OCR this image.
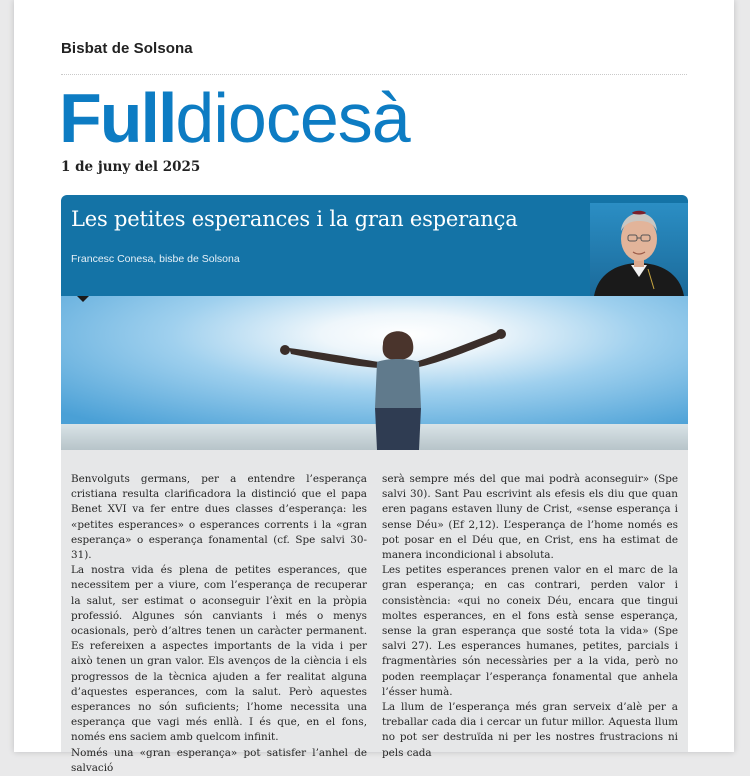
Bisbat de Solsona
Fulldiocesà
1 de juny del 2025
Les petites esperances i la gran esperança
Francesc Conesa, bisbe de Solsona

Benvolguts germans, per a entendre l’esperança cristiana resulta clarificadora la distinció que el papa Benet XVI va fer entre dues classes d’esperança: les «petites esperances» o esperances corrents i la «gran esperança» o esperança fonamental (cf. Spe salvi 30-31).

La nostra vida és plena de petites esperances, que necessitem per a viure, com l’esperança de recuperar la salut, ser estimat o aconseguir l’èxit en la pròpia professió. Algunes són canviants i més o menys ocasionals, però d’altres tenen un caràcter permanent. Es refereixen a aspectes importants de la vida i per això tenen un gran valor. Els avenços de la ciència i els progressos de la tècnica ajuden a fer realitat alguna d’aquestes esperances, com la salut. Però aquestes esperances no són suficients; l’home necessita una esperança que vagi més enllà. I és que, en el fons, només ens saciem amb quelcom infinit.

Només una «gran esperança» pot satisfer l’anhel de salvació

serà sempre més del que mai podrà aconseguir» (Spe salvi 30). Sant Pau escrivint als efesis els diu que quan eren pagans estaven lluny de Crist, «sense esperança i sense Déu» (Ef 2,12). L’esperança de l’home només es pot posar en el Déu que, en Crist, ens ha estimat de manera incondicional i absoluta.

Les petites esperances prenen valor en el marc de la gran esperança; en cas contrari, perden valor i consistència: «qui no coneix Déu, encara que tingui moltes esperances, en el fons està sense esperança, sense la gran esperança que sosté tota la vida» (Spe salvi 27). Les esperances humanes, petites, parcials i fragmentàries són necessàries per a la vida, però no poden reemplaçar l’esperança fonamental que anhela l’ésser humà.

La llum de l’esperança més gran serveix d’alè per a treballar cada dia i cercar un futur millor. Aquesta llum no pot ser destruïda ni per les nostres frustracions ni pels cada
